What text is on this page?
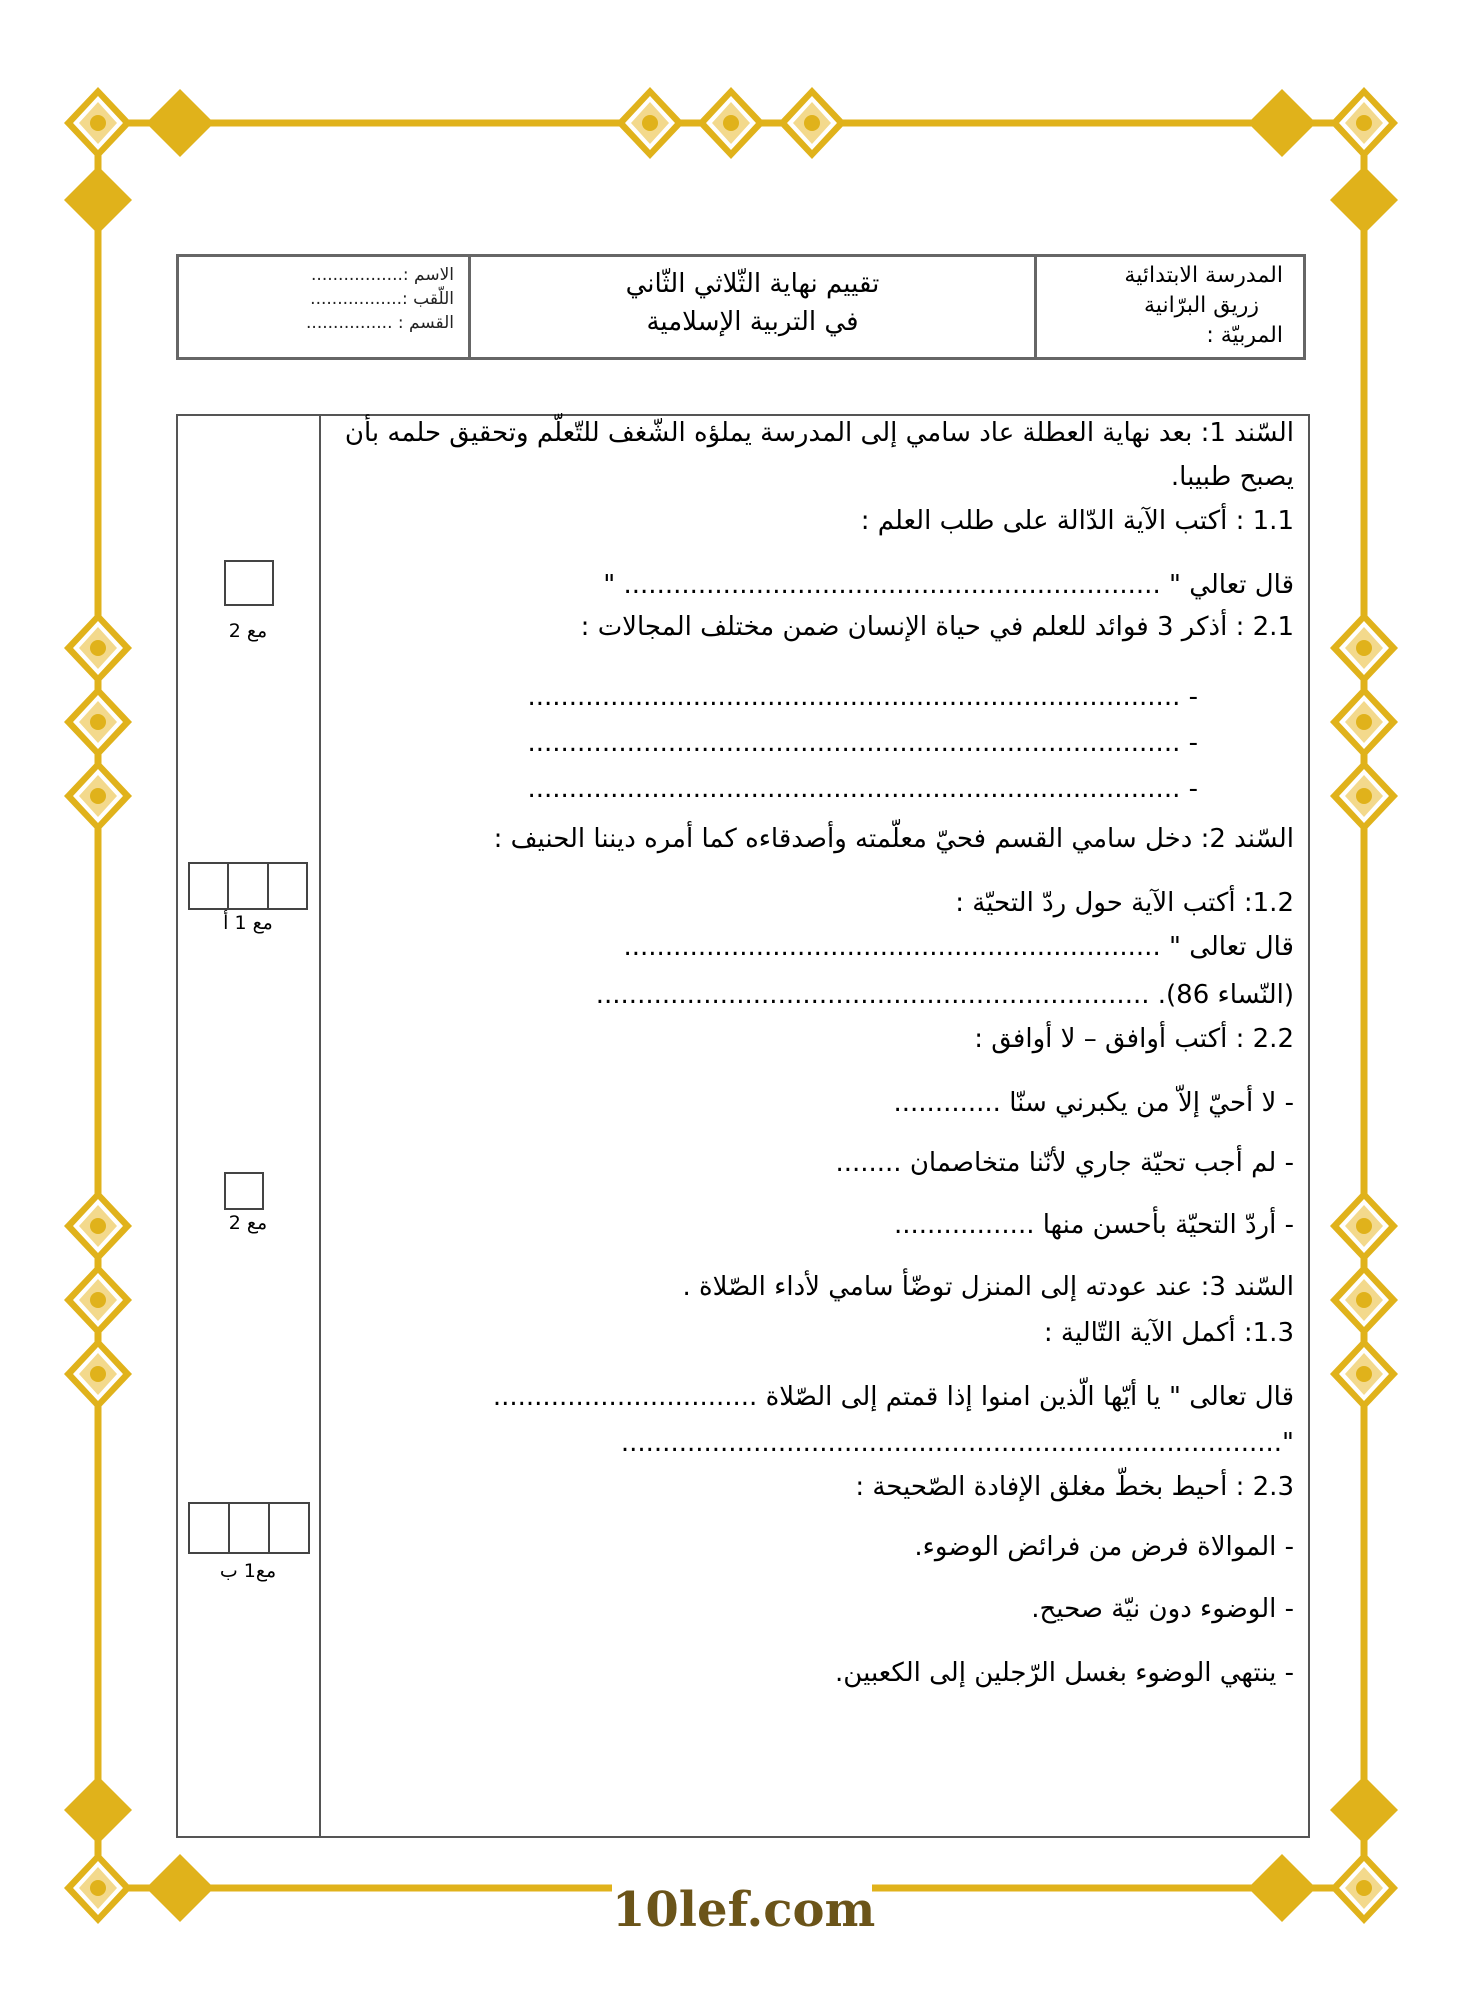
الاسم :.................
اللّقب :.................
القسم : ................
تقييم نهاية الثّلاثي الثّاني
في التربية الإسلامية
المدرسة الابتدائية
زريق البرّانية
المربيّة :
السّند 1: بعد نهاية العطلة عاد سامي إلى المدرسة يملؤه الشّغف للتّعلّم وتحقيق حلمه بأن
يصبح طبيبا.
1.1 : أكتب الآية الدّالة على طلب العلم :
قال تعالي " ................................................................. "
2.1 : أذكر 3 فوائد للعلم في حياة الإنسان ضمن مختلف المجالات :
- ...............................................................................
- ...............................................................................
- ...............................................................................
السّند 2: دخل سامي القسم فحيّ معلّمته وأصدقاءه كما أمره ديننا الحنيف :
1.2: أكتب الآية حول ردّ التحيّة :
قال تعالى " .................................................................
(النّساء 86). ...................................................................
2.2 : أكتب أوافق – لا أوافق :
- لا أحيّ إلاّ من يكبرني سنّا .............
- لم أجب تحيّة جاري لأنّنا متخاصمان ........
- أردّ التحيّة بأحسن منها .................
السّند 3: عند عودته إلى المنزل توضّأ سامي لأداء الصّلاة .
1.3: أكمل الآية التّالية :
قال تعالى " يا أيّها الّذين امنوا إذا قمتم إلى الصّلاة ................................
"................................................................................
2.3 : أحيط بخطّ مغلق الإفادة الصّحيحة :
- الموالاة فرض من فرائض الوضوء.
- الوضوء دون نيّة صحيح.
- ينتهي الوضوء بغسل الرّجلين إلى الكعبين.
مع 2
مع 1 أ
مع 2
مع1 ب
10lef.com
